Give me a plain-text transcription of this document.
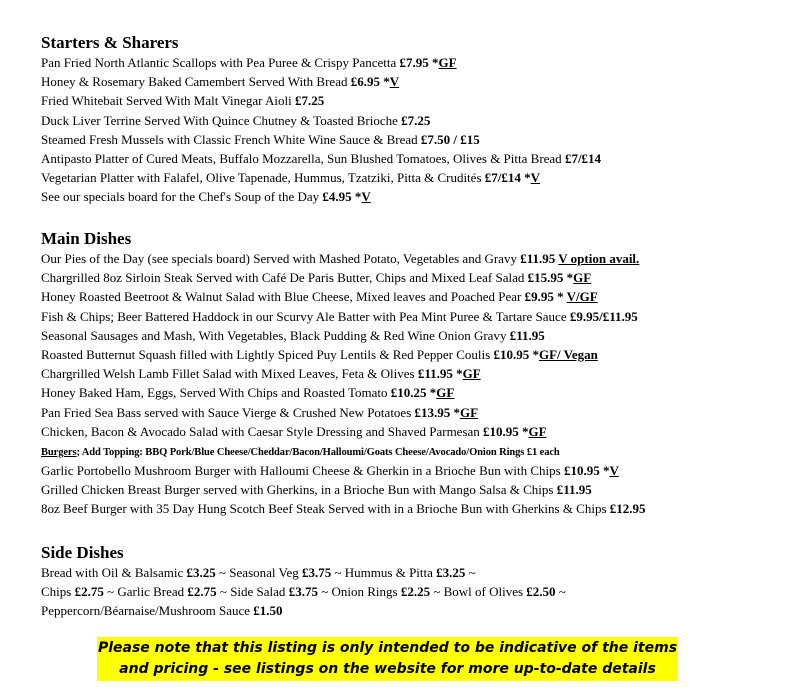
Starters & Sharers
Pan Fried North Atlantic Scallops with Pea Puree & Crispy Pancetta £7.95 *GF
Honey & Rosemary Baked Camembert Served With Bread £6.95 *V
Fried Whitebait Served With Malt Vinegar Aioli £7.25
Duck Liver Terrine Served With Quince Chutney & Toasted Brioche £7.25
Steamed Fresh Mussels with Classic French White Wine Sauce & Bread £7.50 / £15
Antipasto Platter of Cured Meats, Buffalo Mozzarella, Sun Blushed Tomatoes, Olives & Pitta Bread £7/£14
Vegetarian Platter with Falafel, Olive Tapenade, Hummus, Tzatziki, Pitta & Crudités £7/£14 *V
See our specials board for the Chef's Soup of the Day £4.95 *V
Main Dishes
Our Pies of the Day (see specials board) Served with Mashed Potato, Vegetables and Gravy £11.95 V option avail.
Chargrilled 8oz Sirloin Steak Served with Café De Paris Butter, Chips and Mixed Leaf Salad £15.95 *GF
Honey Roasted Beetroot & Walnut Salad with Blue Cheese, Mixed leaves and Poached Pear £9.95 * V/GF
Fish & Chips; Beer Battered Haddock in our Scurvy Ale Batter with Pea Mint Puree & Tartare Sauce £9.95/£11.95
Seasonal Sausages and Mash, With Vegetables, Black Pudding & Red Wine Onion Gravy £11.95
Roasted Butternut Squash filled with Lightly Spiced Puy Lentils & Red Pepper Coulis £10.95 *GF/ Vegan
Chargrilled Welsh Lamb Fillet Salad with Mixed Leaves, Feta & Olives £11.95 *GF
Honey Baked Ham, Eggs, Served With Chips and Roasted Tomato £10.25 *GF
Pan Fried Sea Bass served with Sauce Vierge & Crushed New Potatoes £13.95 *GF
Chicken, Bacon & Avocado Salad with Caesar Style Dressing and Shaved Parmesan £10.95 *GF
Burgers; Add Topping: BBQ Pork/Blue Cheese/Cheddar/Bacon/Halloumi/Goats Cheese/Avocado/Onion Rings £1 each
Garlic Portobello Mushroom Burger with Halloumi Cheese & Gherkin in a Brioche Bun with Chips £10.95 *V
Grilled Chicken Breast Burger served with Gherkins, in a Brioche Bun with Mango Salsa & Chips £11.95
8oz Beef Burger with 35 Day Hung Scotch Beef Steak Served with in a Brioche Bun with Gherkins & Chips £12.95
Side Dishes
Bread with Oil & Balsamic £3.25 ~ Seasonal Veg £3.75 ~ Hummus & Pitta £3.25 ~
Chips £2.75 ~ Garlic Bread £2.75 ~ Side Salad £3.75 ~ Onion Rings £2.25 ~ Bowl of Olives £2.50 ~
Peppercorn/Béarnaise/Mushroom Sauce £1.50
Please note that this listing is only intended to be indicative of the items
and pricing - see listings on the website for more up-to-date details
